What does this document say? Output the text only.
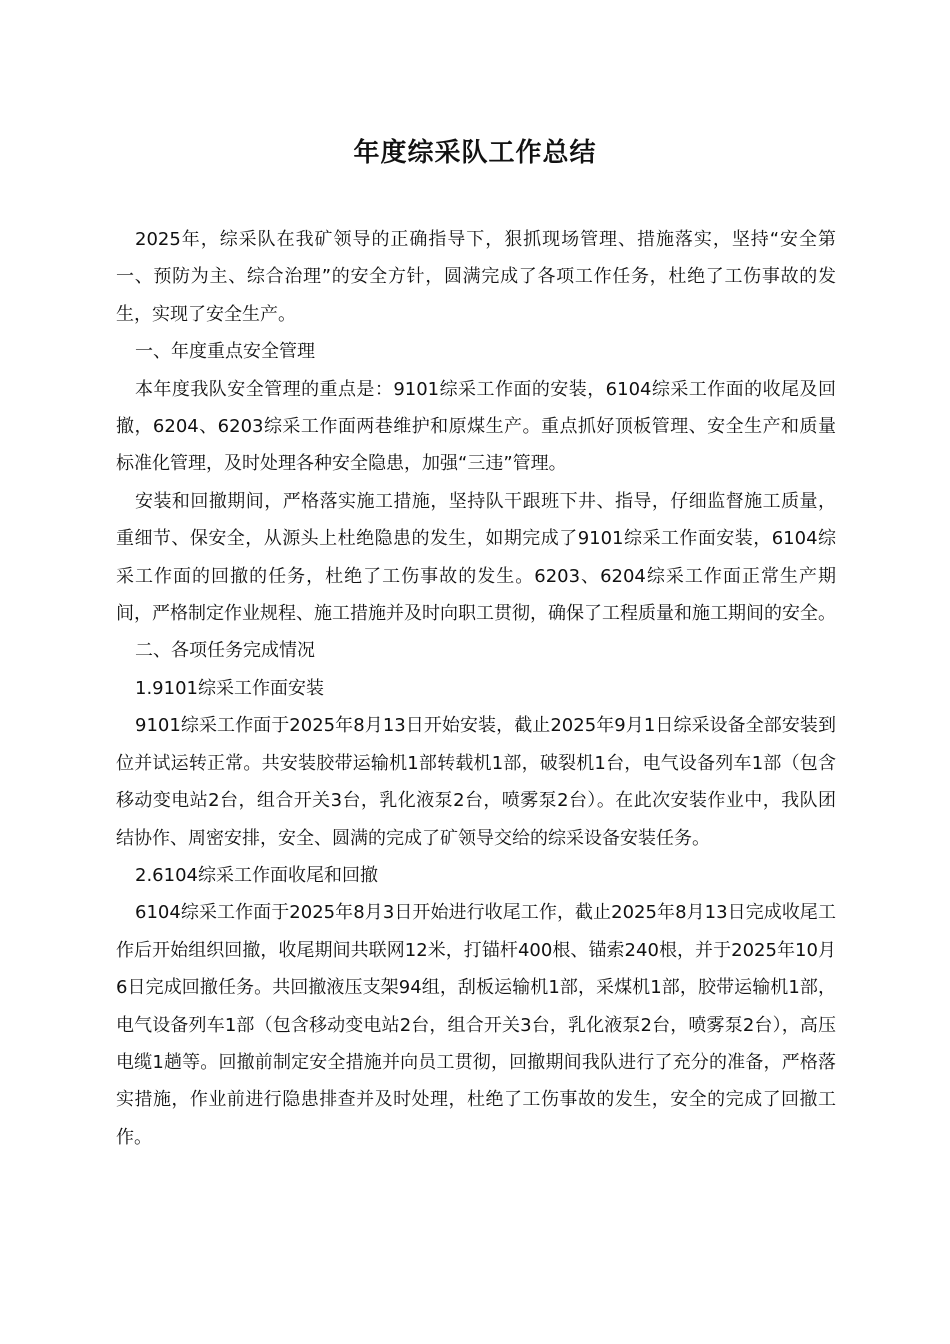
年度综采队工作总结

2025年，综采队在我矿领导的正确指导下，狠抓现场管理、措施落实，坚持“安全第一、预防为主、综合治理”的安全方针，圆满完成了各项工作任务，杜绝了工伤事故的发生，实现了安全生产。

一、年度重点安全管理

本年度我队安全管理的重点是：9101综采工作面的安装，6104综采工作面的收尾及回撤，6204、6203综采工作面两巷维护和原煤生产。重点抓好顶板管理、安全生产和质量标准化管理，及时处理各种安全隐患，加强“三违”管理。

安装和回撤期间，严格落实施工措施，坚持队干跟班下井、指导，仔细监督施工质量，重细节、保安全，从源头上杜绝隐患的发生，如期完成了9101综采工作面安装，6104综采工作面的回撤的任务，杜绝了工伤事故的发生。6203、6204综采工作面正常生产期间，严格制定作业规程、施工措施并及时向职工贯彻，确保了工程质量和施工期间的安全。

二、各项任务完成情况

1.9101综采工作面安装

9101综采工作面于2025年8月13日开始安装，截止2025年9月1日综采设备全部安装到位并试运转正常。共安装胶带运输机1部转载机1部，破裂机1台，电气设备列车1部（包含移动变电站2台，组合开关3台，乳化液泵2台，喷雾泵2台）。在此次安装作业中，我队团结协作、周密安排，安全、圆满的完成了矿领导交给的综采设备安装任务。

2.6104综采工作面收尾和回撤

6104综采工作面于2025年8月3日开始进行收尾工作，截止2025年8月13日完成收尾工作后开始组织回撤，收尾期间共联网12米，打锚杆400根、锚索240根，并于2025年10月6日完成回撤任务。共回撤液压支架94组，刮板运输机1部，采煤机1部，胶带运输机1部，电气设备列车1部（包含移动变电站2台，组合开关3台，乳化液泵2台，喷雾泵2台），高压电缆1趟等。回撤前制定安全措施并向员工贯彻，回撤期间我队进行了充分的准备，严格落实措施，作业前进行隐患排查并及时处理，杜绝了工伤事故的发生，安全的完成了回撤工作。
